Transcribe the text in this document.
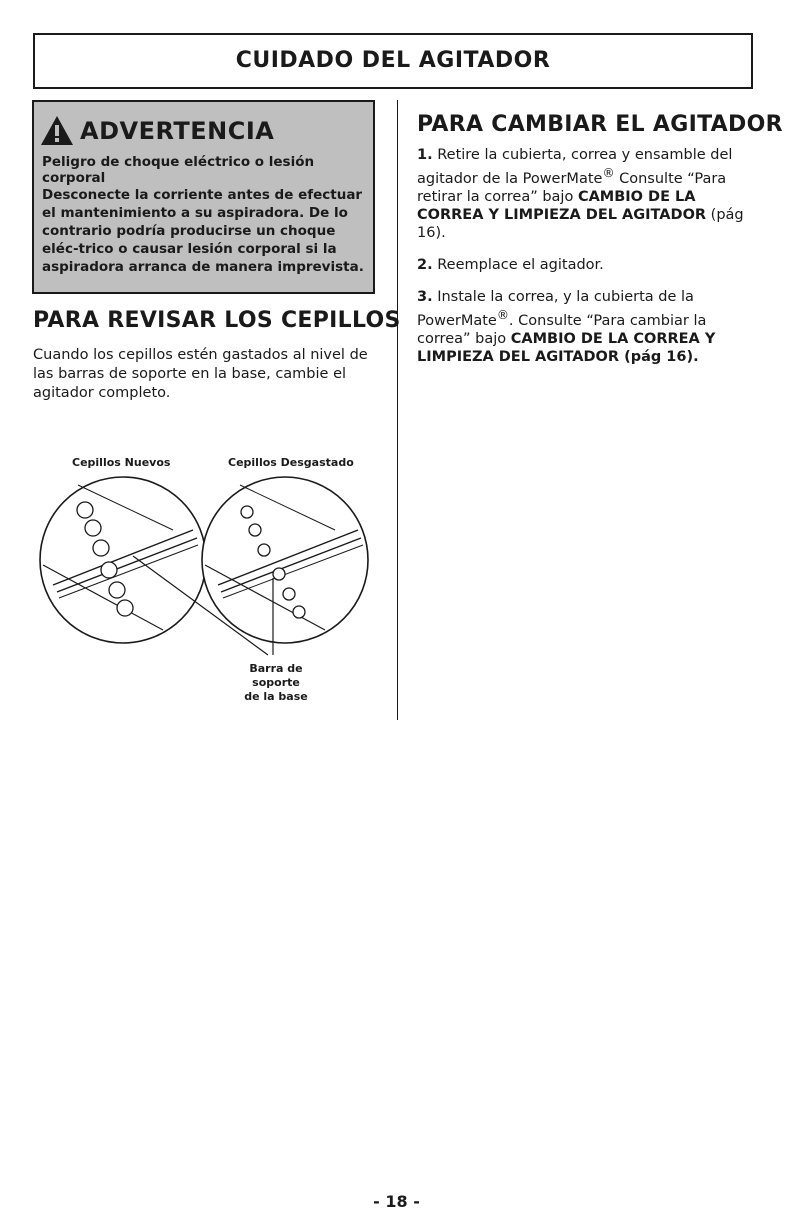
CUIDADO DEL AGITADOR
ADVERTENCIA
Peligro de choque eléctrico o lesión corporal
Desconecte la corriente antes de efectuar el mantenimiento a su aspiradora. De lo contrario podría producirse un choque eléc-trico o causar lesión corporal si la aspiradora arranca de manera imprevista.
PARA REVISAR LOS CEPILLOS

Cuando los cepillos estén gastados al nivel de las barras de soporte en la base, cambie el agitador completo.

Cepillos Nuevos	Cepillos Desgastado
Barra de
soporte
de la base
PARA CAMBIAR EL AGITADOR

1. Retire la cubierta, correa y ensamble del agitador de la PowerMate® Consulte “Para retirar la correa” bajo CAMBIO DE LA CORREA Y LIMPIEZA DEL AGITADOR (pág 16).

2. Reemplace el agitador.

3. Instale la correa, y la cubierta de la PowerMate®. Consulte “Para cambiar la correa” bajo CAMBIO DE LA CORREA Y LIMPIEZA DEL AGITADOR (pág 16).

- 18 -
